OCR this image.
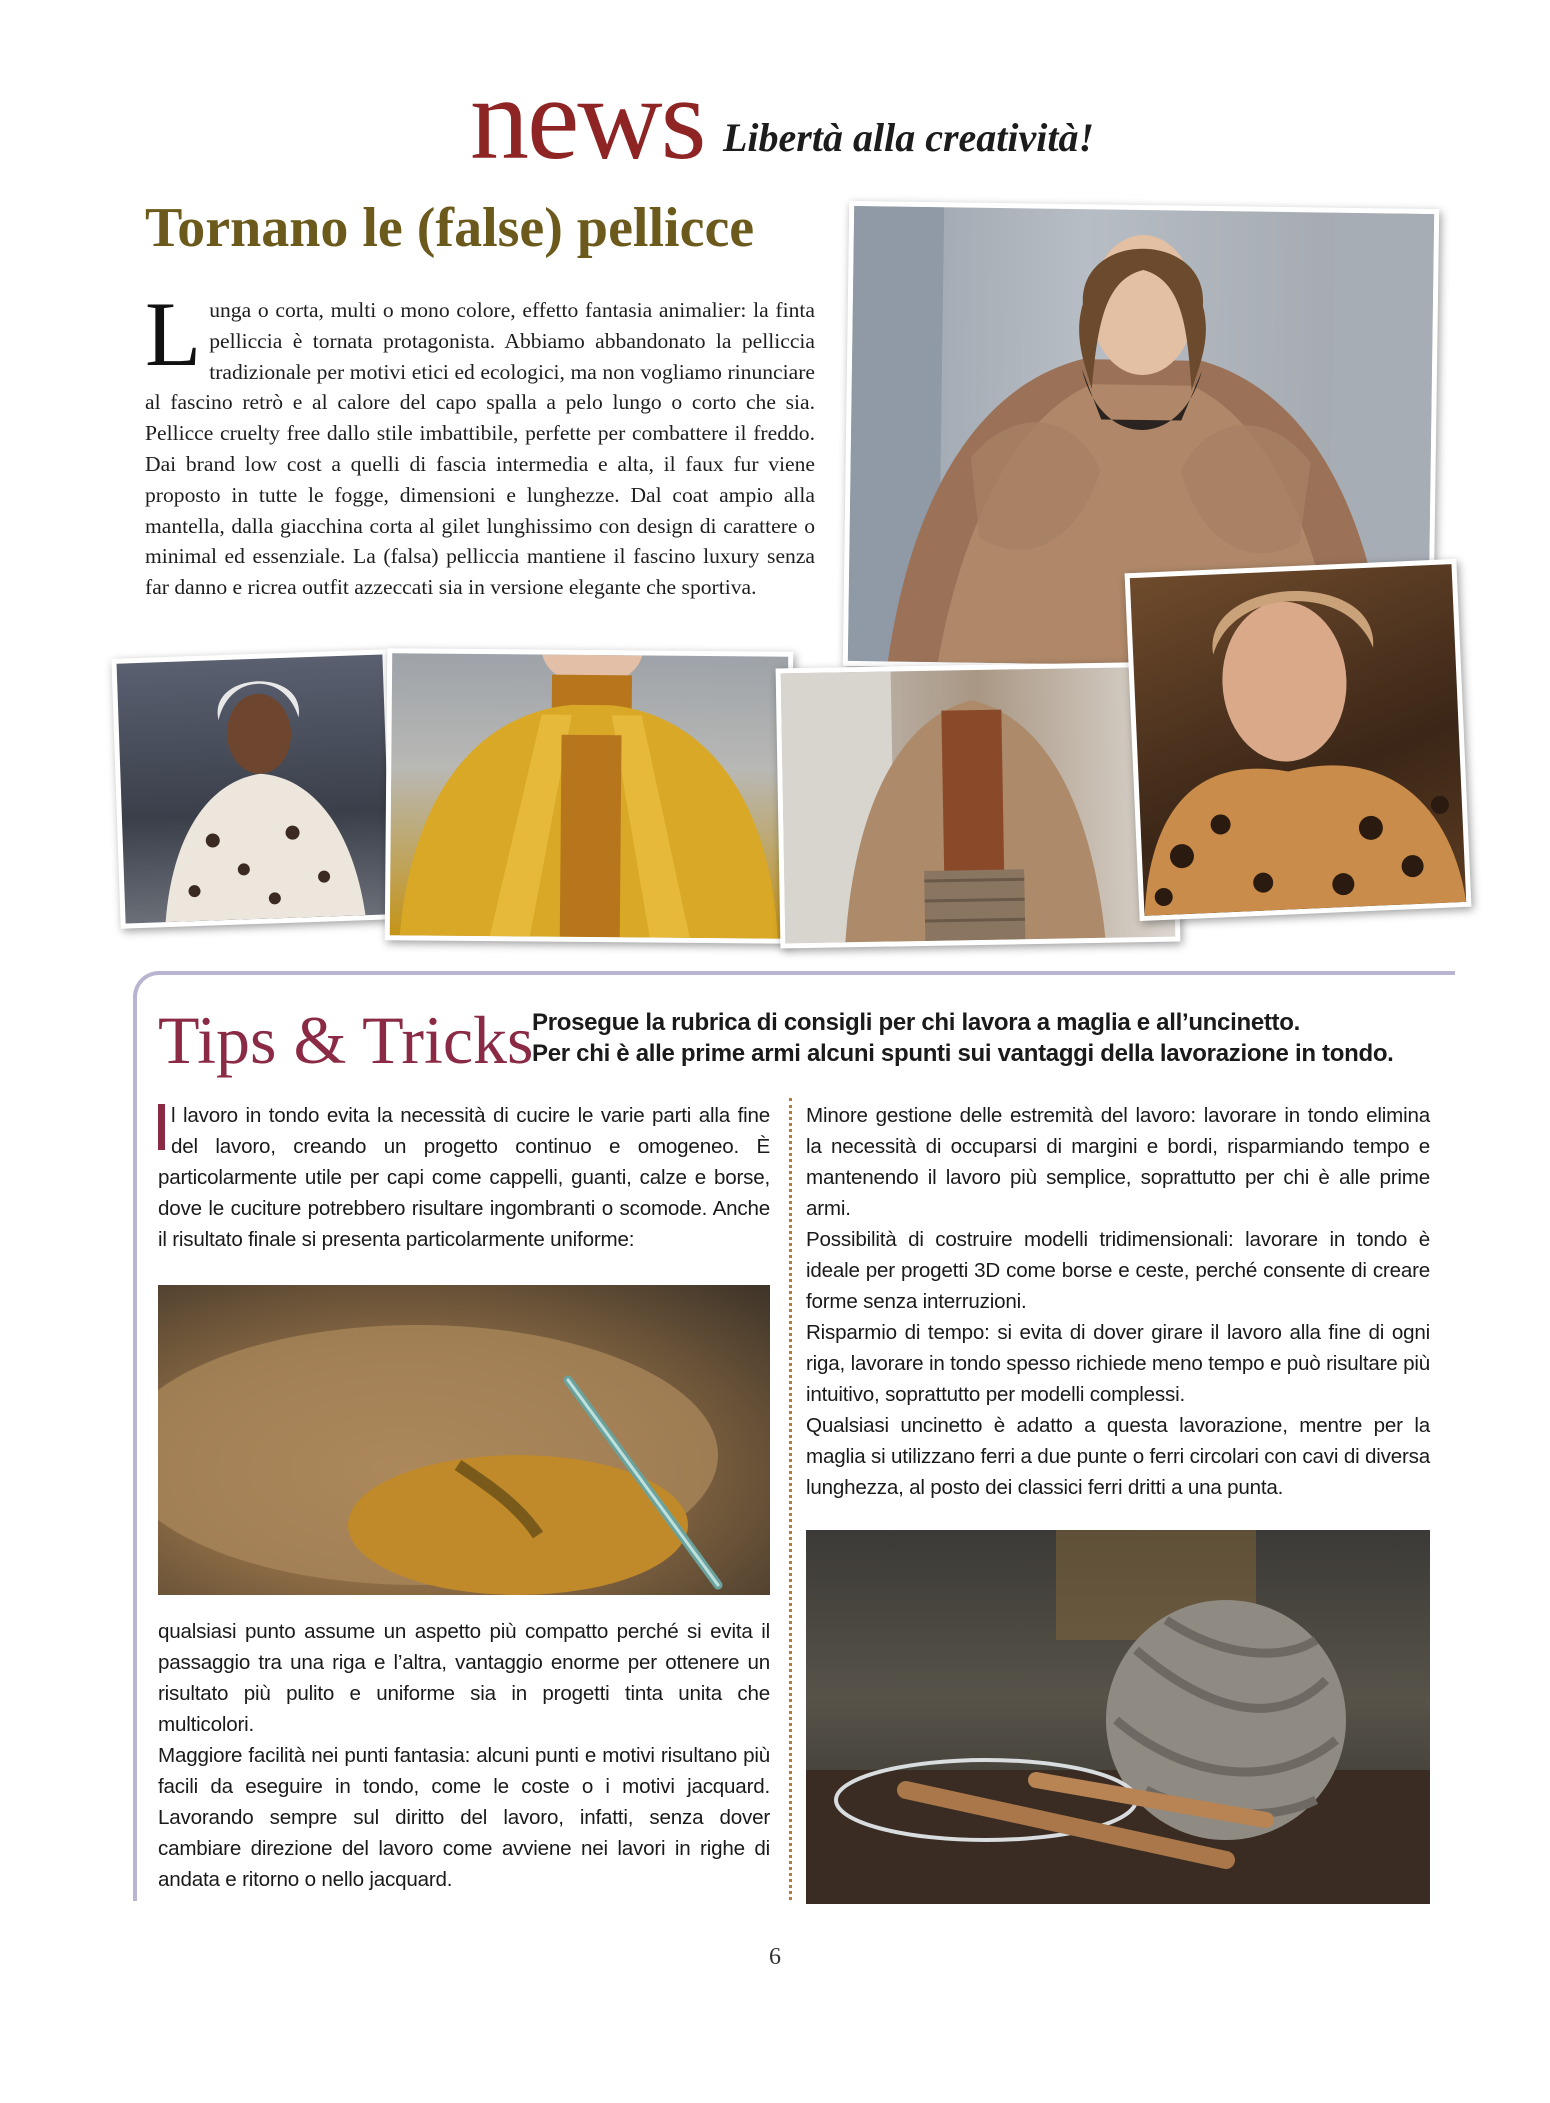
news Libertà alla creatività!
Tornano le (false) pellicce
Lunga o corta, multi o mono colore, effetto fantasia animalier: la finta pelliccia è tornata protagonista. Abbiamo abbandonato la pelliccia tradizionale per motivi etici ed ecologici, ma non vogliamo rinunciare al fascino retrò e al calore del capo spalla a pelo lungo o corto che sia. Pellicce cruelty free dallo stile imbattibile, perfette per combattere il freddo. Dai brand low cost a quelli di fascia intermedia e alta, il faux fur viene proposto in tutte le fogge, dimensioni e lunghezze. Dal coat ampio alla mantella, dalla giacchina corta al gilet lunghissimo con design di carattere o minimal ed essenziale. La (falsa) pelliccia mantiene il fascino luxury senza far danno e ricrea outfit azzeccati sia in versione elegante che sportiva.
Tips & Tricks
Prosegue la rubrica di consigli per chi lavora a maglia e all’uncinetto.
Per chi è alle prime armi alcuni spunti sui vantaggi della lavorazione in tondo.
l lavoro in tondo evita la necessità di cucire le varie parti alla fine del lavoro, creando un progetto continuo e omogeneo. È particolarmente utile per capi come cappelli, guanti, calze e borse, dove le cuciture potrebbero risultare ingombranti o scomode. Anche il risultato finale si presenta particolarmente uniforme:

qualsiasi punto assume un aspetto più compatto perché si evita il passaggio tra una riga e l’altra, vantaggio enorme per ottenere un risultato più pulito e uniforme sia in progetti tinta unita che multicolori.

Maggiore facilità nei punti fantasia: alcuni punti e motivi risultano più facili da eseguire in tondo, come le coste o i motivi jacquard. Lavorando sempre sul diritto del lavoro, infatti, senza dover cambiare direzione del lavoro come avviene nei lavori in righe di andata e ritorno o nello jacquard.

Minore gestione delle estremità del lavoro: lavorare in tondo elimina la necessità di occuparsi di margini e bordi, risparmiando tempo e mantenendo il lavoro più semplice, soprattutto per chi è alle prime armi.

Possibilità di costruire modelli tridimensionali: lavorare in tondo è ideale per progetti 3D come borse e ceste, perché consente di creare forme senza interruzioni.

Risparmio di tempo: si evita di dover girare il lavoro alla fine di ogni riga, lavorare in tondo spesso richiede meno tempo e può risultare più intuitivo, soprattutto per modelli complessi.

Qualsiasi uncinetto è adatto a questa lavorazione, mentre per la maglia si utilizzano ferri a due punte o ferri circolari con cavi di diversa lunghezza, al posto dei classici ferri dritti a una punta.

6
